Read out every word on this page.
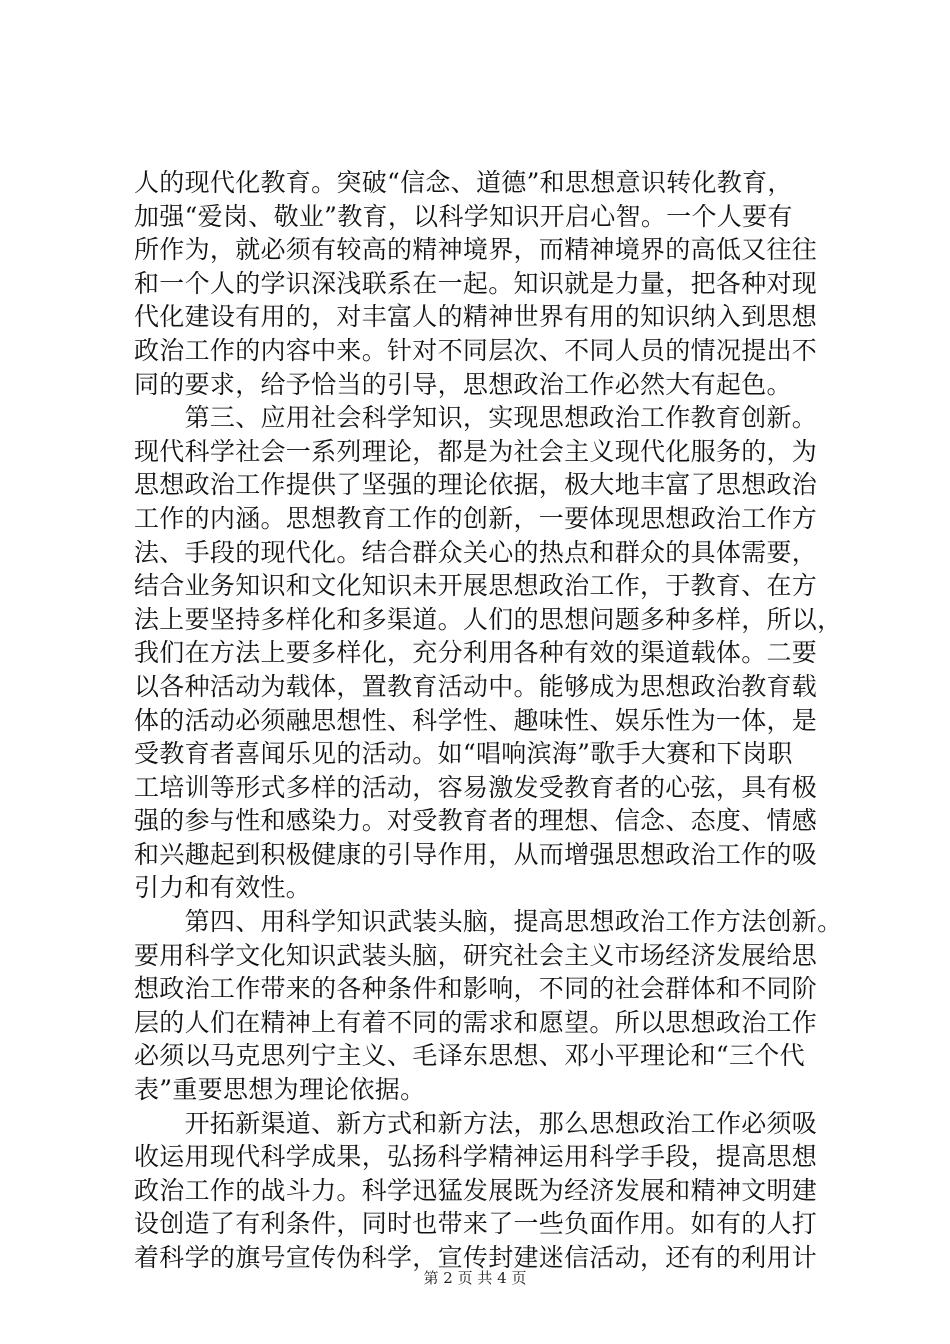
人的现代化教育。突破“信念、道德”和思想意识转化教育，
加强“爱岗、敬业”教育，以科学知识开启心智。一个人要有
所作为，就必须有较高的精神境界，而精神境界的高低又往往
和一个人的学识深浅联系在一起。知识就是力量，把各种对现
代化建设有用的，对丰富人的精神世界有用的知识纳入到思想
政治工作的内容中来。针对不同层次、不同人员的情况提出不
同的要求，给予恰当的引导，思想政治工作必然大有起色。
　　第三、应用社会科学知识，实现思想政治工作教育创新。
现代科学社会一系列理论，都是为社会主义现代化服务的，为
思想政治工作提供了坚强的理论依据，极大地丰富了思想政治
工作的内涵。思想教育工作的创新，一要体现思想政治工作方
法、手段的现代化。结合群众关心的热点和群众的具体需要，
结合业务知识和文化知识未开展思想政治工作，于教育、在方
法上要坚持多样化和多渠道。人们的思想问题多种多样，所以，
我们在方法上要多样化，充分利用各种有效的渠道载体。二要
以各种活动为载体，置教育活动中。能够成为思想政治教育载
体的活动必须融思想性、科学性、趣味性、娱乐性为一体，是
受教育者喜闻乐见的活动。如“唱响滨海”歌手大赛和下岗职
工培训等形式多样的活动，容易激发受教育者的心弦，具有极
强的参与性和感染力。对受教育者的理想、信念、态度、情感
和兴趣起到积极健康的引导作用，从而增强思想政治工作的吸
引力和有效性。
　　第四、用科学知识武装头脑，提高思想政治工作方法创新。
要用科学文化知识武装头脑，研究社会主义市场经济发展给思
想政治工作带来的各种条件和影响，不同的社会群体和不同阶
层的人们在精神上有着不同的需求和愿望。所以思想政治工作
必须以马克思列宁主义、毛译东思想、邓小平理论和“三个代
表”重要思想为理论依据。
　　开拓新渠道、新方式和新方法，那么思想政治工作必须吸
收运用现代科学成果，弘扬科学精神运用科学手段，提高思想
政治工作的战斗力。科学迅猛发展既为经济发展和精神文明建
设创造了有利条件，同时也带来了一些负面作用。如有的人打
着科学的旗号宣传伪科学，宣传封建迷信活动，还有的利用计
第 2 页 共 4 页
